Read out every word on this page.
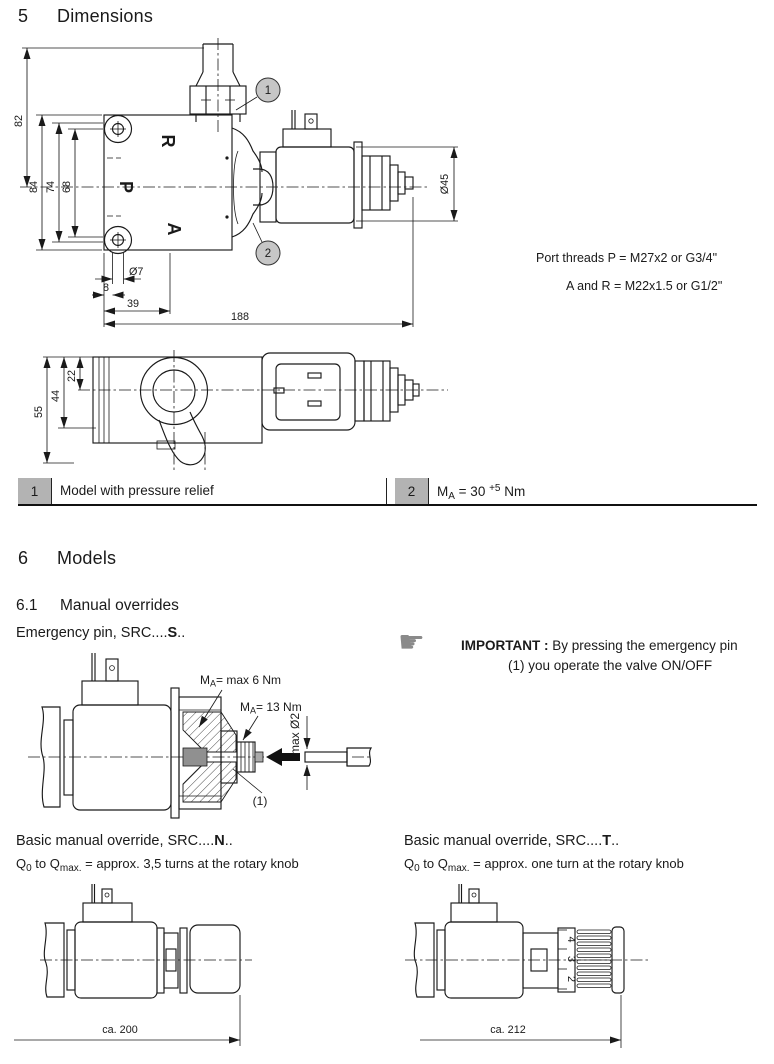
5 Dimensions
1
R
P
A
2
82
84 74 68
Ø7
8
39
188
Ø45
55
44
22
Port threads P = M27x2 or G3/4"
A and R = M22x1.5 or G1/2"
1	Model with pressure relief	2	$M_A = 30$ $^{+5}$ Nm
6 Models
6.1 Manual overrides
Emergency pin, SRC....S..	☛	IMPORTANT : By pressing the emergency pin
(1) you operate the valve ON/OFF
$M_A= \max 6$ Nm
$M_A= 13$ Nm
max Ø2
(1)
Basic manual override, SRC....N..
$Q_0$ to $Q_{max.}$ = approx. 3,5 turns at the rotary knob
Basic manual override, SRC....T..
$Q_0$ to $Q_{max.}$ = approx. one turn at the rotary knob
ca. 200
4
3
2
ca. 212
